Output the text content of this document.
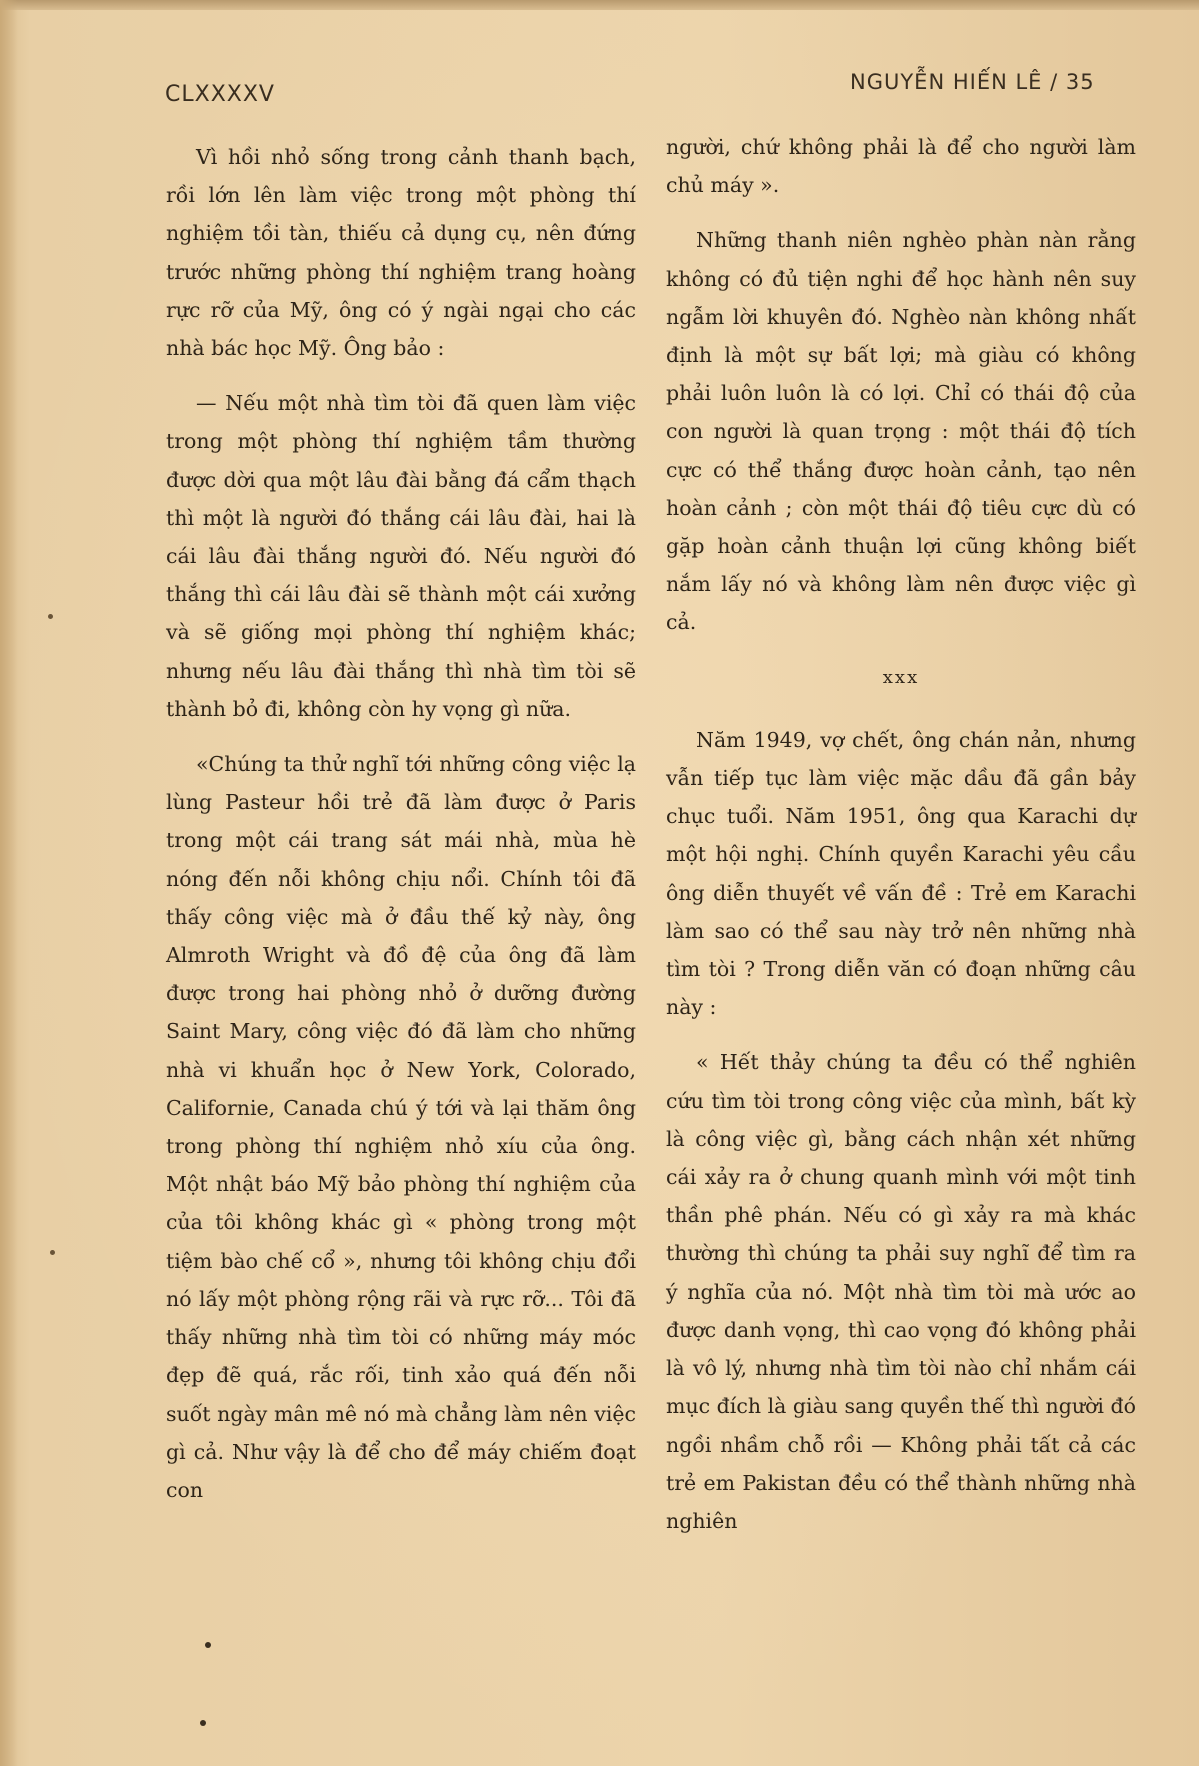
CLXXXXV	NGUYỄN HIẾN LÊ / 35

Vì hồi nhỏ sống trong cảnh thanh bạch, rồi lớn lên làm việc trong một phòng thí nghiệm tồi tàn, thiếu cả dụng cụ, nên đứng trước những phòng thí nghiệm trang hoàng rực rỡ của Mỹ, ông có ý ngài ngại cho các nhà bác học Mỹ. Ông bảo :

— Nếu một nhà tìm tòi đã quen làm việc trong một phòng thí nghiệm tầm thường được dời qua một lâu đài bằng đá cẩm thạch thì một là người đó thắng cái lâu đài, hai là cái lâu đài thắng người đó. Nếu người đó thắng thì cái lâu đài sẽ thành một cái xưởng và sẽ giống mọi phòng thí nghiệm khác; nhưng nếu lâu đài thắng thì nhà tìm tòi sẽ thành bỏ đi, không còn hy vọng gì nữa.

«Chúng ta thử nghĩ tới những công việc lạ lùng Pasteur hồi trẻ đã làm được ở Paris trong một cái trang sát mái nhà, mùa hè nóng đến nỗi không chịu nổi. Chính tôi đã thấy công việc mà ở đầu thế kỷ này, ông Almroth Wright và đồ đệ của ông đã làm được trong hai phòng nhỏ ở dưỡng đường Saint Mary, công việc đó đã làm cho những nhà vi khuẩn học ở New York, Colorado, Californie, Canada chú ý tới và lại thăm ông trong phòng thí nghiệm nhỏ xíu của ông. Một nhật báo Mỹ bảo phòng thí nghiệm của của tôi không khác gì « phòng trong một tiệm bào chế cổ », nhưng tôi không chịu đổi nó lấy một phòng rộng rãi và rực rỡ... Tôi đã thấy những nhà tìm tòi có những máy móc đẹp đẽ quá, rắc rối, tinh xảo quá đến nỗi suốt ngày mân mê nó mà chẳng làm nên việc gì cả. Như vậy là để cho để máy chiếm đoạt con

người, chứ không phải là để cho người làm chủ máy ».

Những thanh niên nghèo phàn nàn rằng không có đủ tiện nghi để học hành nên suy ngẫm lời khuyên đó. Nghèo nàn không nhất định là một sự bất lợi; mà giàu có không phải luôn luôn là có lợi. Chỉ có thái độ của con người là quan trọng : một thái độ tích cực có thể thắng được hoàn cảnh, tạo nên hoàn cảnh ; còn một thái độ tiêu cực dù có gặp hoàn cảnh thuận lợi cũng không biết nắm lấy nó và không làm nên được việc gì cả.

xxx

Năm 1949, vợ chết, ông chán nản, nhưng vẫn tiếp tục làm việc mặc dầu đã gần bảy chục tuổi. Năm 1951, ông qua Karachi dự một hội nghị. Chính quyền Karachi yêu cầu ông diễn thuyết về vấn đề : Trẻ em Karachi làm sao có thể sau này trở nên những nhà tìm tòi ? Trong diễn văn có đoạn những câu này :

« Hết thảy chúng ta đều có thể nghiên cứu tìm tòi trong công việc của mình, bất kỳ là công việc gì, bằng cách nhận xét những cái xảy ra ở chung quanh mình với một tinh thần phê phán. Nếu có gì xảy ra mà khác thường thì chúng ta phải suy nghĩ để tìm ra ý nghĩa của nó. Một nhà tìm tòi mà ước ao được danh vọng, thì cao vọng đó không phải là vô lý, nhưng nhà tìm tòi nào chỉ nhắm cái mục đích là giàu sang quyền thế thì người đó ngồi nhầm chỗ rồi — Không phải tất cả các trẻ em Pakistan đều có thể thành những nhà nghiên
